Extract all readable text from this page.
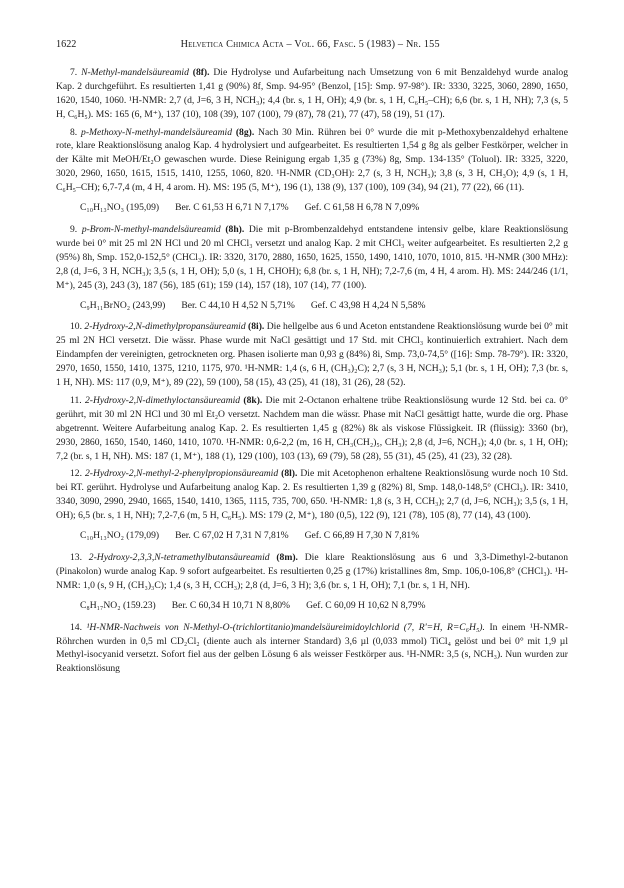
1622	Helvetica Chimica Acta – Vol. 66, Fasc. 5 (1983) – Nr. 155

7. N-Methyl-mandelsäureamid (8f). Die Hydrolyse und Aufarbeitung nach Umsetzung von 6 mit Benzaldehyd wurde analog Kap. 2 durchgeführt. Es resultierten 1,41 g (90%) 8f, Smp. 94-95° (Benzol, [15]: Smp. 97-98°). IR: 3330, 3225, 3060, 2890, 1650, 1620, 1540, 1060. ¹H-NMR: 2,7 (d, J=6, 3 H, NCH₃); 4,4 (br. s, 1 H, OH); 4,9 (br. s, 1 H, C₆H₅–CH); 6,6 (br. s, 1 H, NH); 7,3 (s, 5 H, C₆H₅). MS: 165 (6, M⁺), 137 (10), 108 (39), 107 (100), 79 (87), 78 (21), 77 (47), 58 (19), 51 (17).

8. p-Methoxy-N-methyl-mandelsäureamid (8g). Nach 30 Min. Rühren bei 0° wurde die mit p-Methoxybenzaldehyd erhaltene rote, klare Reaktionslösung analog Kap. 4 hydrolysiert und aufgearbeitet. Es resultierten 1,54 g 8g als gelber Festkörper, welcher in der Kälte mit MeOH/Et₂O gewaschen wurde. Diese Reinigung ergab 1,35 g (73%) 8g, Smp. 134-135° (Toluol). IR: 3325, 3220, 3020, 2960, 1650, 1615, 1515, 1410, 1255, 1060, 820. ¹H-NMR (CD₃OH): 2,7 (s, 3 H, NCH₃); 3,8 (s, 3 H, CH₃O); 4,9 (s, 1 H, C₆H₅–CH); 6,7-7,4 (m, 4 H, 4 arom. H). MS: 195 (5, M⁺), 196 (1), 138 (9), 137 (100), 109 (34), 94 (21), 77 (22), 66 (11).

C₁₀H₁₃NO₃ (195,09) Ber. C 61,53 H 6,71 N 7,17% Gef. C 61,58 H 6,78 N 7,09%

9. p-Brom-N-methyl-mandelsäureamid (8h). Die mit p-Brombenzaldehyd entstandene intensiv gelbe, klare Reaktionslösung wurde bei 0° mit 25 ml 2N HCl und 20 ml CHCl₃ versetzt und analog Kap. 2 mit CHCl₃ weiter aufgearbeitet. Es resultierten 2,2 g (95%) 8h, Smp. 152,0-152,5° (CHCl₃). IR: 3320, 3170, 2880, 1650, 1625, 1550, 1490, 1410, 1070, 1010, 815. ¹H-NMR (300 MHz): 2,8 (d, J=6, 3 H, NCH₃); 3,5 (s, 1 H, OH); 5,0 (s, 1 H, CHOH); 6,8 (br. s, 1 H, NH); 7,2-7,6 (m, 4 H, 4 arom. H). MS: 244/246 (1/1, M⁺), 245 (3), 243 (3), 187 (56), 185 (61); 159 (14), 157 (18), 107 (14), 77 (100).

C₉H₁₁BrNO₂ (243,99) Ber. C 44,10 H 4,52 N 5,71% Gef. C 43,98 H 4,24 N 5,58%

10. 2-Hydroxy-2,N-dimethylpropansäureamid (8i). Die hellgelbe aus 6 und Aceton entstandene Reaktionslösung wurde bei 0° mit 25 ml 2N HCl versetzt. Die wässr. Phase wurde mit NaCl gesättigt und 17 Std. mit CHCl₃ kontinuierlich extrahiert. Nach dem Eindampfen der vereinigten, getrockneten org. Phasen isolierte man 0,93 g (84%) 8i, Smp. 73,0-74,5° ([16]: Smp. 78-79°). IR: 3320, 2970, 1650, 1550, 1410, 1375, 1210, 1175, 970. ¹H-NMR: 1,4 (s, 6 H, (CH₃)₂C); 2,7 (s, 3 H, NCH₃); 5,1 (br. s, 1 H, OH); 7,3 (br. s, 1 H, NH). MS: 117 (0,9, M⁺), 89 (22), 59 (100), 58 (15), 43 (25), 41 (18), 31 (26), 28 (52).

11. 2-Hydroxy-2,N-dimethyloctansäureamid (8k). Die mit 2-Octanon erhaltene trübe Reaktionslösung wurde 12 Std. bei ca. 0° gerührt, mit 30 ml 2N HCl und 30 ml Et₂O versetzt. Nachdem man die wässr. Phase mit NaCl gesättigt hatte, wurde die org. Phase abgetrennt. Weitere Aufarbeitung analog Kap. 2. Es resultierten 1,45 g (82%) 8k als viskose Flüssigkeit. IR (flüssig): 3360 (br), 2930, 2860, 1650, 1540, 1460, 1410, 1070. ¹H-NMR: 0,6-2,2 (m, 16 H, CH₃(CH₂)₅, CH₃); 2,8 (d, J=6, NCH₃); 4,0 (br. s, 1 H, OH); 7,2 (br. s, 1 H, NH). MS: 187 (1, M⁺), 188 (1), 129 (100), 103 (13), 69 (79), 58 (28), 55 (31), 45 (25), 41 (23), 32 (28).

12. 2-Hydroxy-2,N-methyl-2-phenylpropionsäureamid (8l). Die mit Acetophenon erhaltene Reaktionslösung wurde noch 10 Std. bei RT. gerührt. Hydrolyse und Aufarbeitung analog Kap. 2. Es resultierten 1,39 g (82%) 8l, Smp. 148,0-148,5° (CHCl₃). IR: 3410, 3340, 3090, 2990, 2940, 1665, 1540, 1410, 1365, 1115, 735, 700, 650. ¹H-NMR: 1,8 (s, 3 H, CCH₃); 2,7 (d, J=6, NCH₃); 3,5 (s, 1 H, OH); 6,5 (br. s, 1 H, NH); 7,2-7,6 (m, 5 H, C₆H₅). MS: 179 (2, M⁺), 180 (0,5), 122 (9), 121 (78), 105 (8), 77 (14), 43 (100).

C₁₀H₁₃NO₂ (179,09) Ber. C 67,02 H 7,31 N 7,81% Gef. C 66,89 H 7,30 N 7,81%

13. 2-Hydroxy-2,3,3,N-tetramethylbutansäureamid (8m). Die klare Reaktionslösung aus 6 und 3,3-Dimethyl-2-butanon (Pinakolon) wurde analog Kap. 9 sofort aufgearbeitet. Es resultierten 0,25 g (17%) kristallines 8m, Smp. 106,0-106,8° (CHCl₃). ¹H-NMR: 1,0 (s, 9 H, (CH₃)₃C); 1,4 (s, 3 H, CCH₃); 2,8 (d, J=6, 3 H); 3,6 (br. s, 1 H, OH); 7,1 (br. s, 1 H, NH).

C₈H₁₇NO₂ (159.23) Ber. C 60,34 H 10,71 N 8,80% Gef. C 60,09 H 10,62 N 8,79%

14. ¹H-NMR-Nachweis von N-Methyl-O-(trichlortitanio)mandelsäureimidoylchlorid (7, R'=H, R=C₆H₅). In einem ¹H-NMR-Röhrchen wurden in 0,5 ml CD₂Cl₂ (diente auch als interner Standard) 3,6 µl (0,033 mmol) TiCl₄ gelöst und bei 0° mit 1,9 µl Methyl-isocyanid versetzt. Sofort fiel aus der gelben Lösung 6 als weisser Festkörper aus. ¹H-NMR: 3,5 (s, NCH₃). Nun wurden zur Reaktionslösung
